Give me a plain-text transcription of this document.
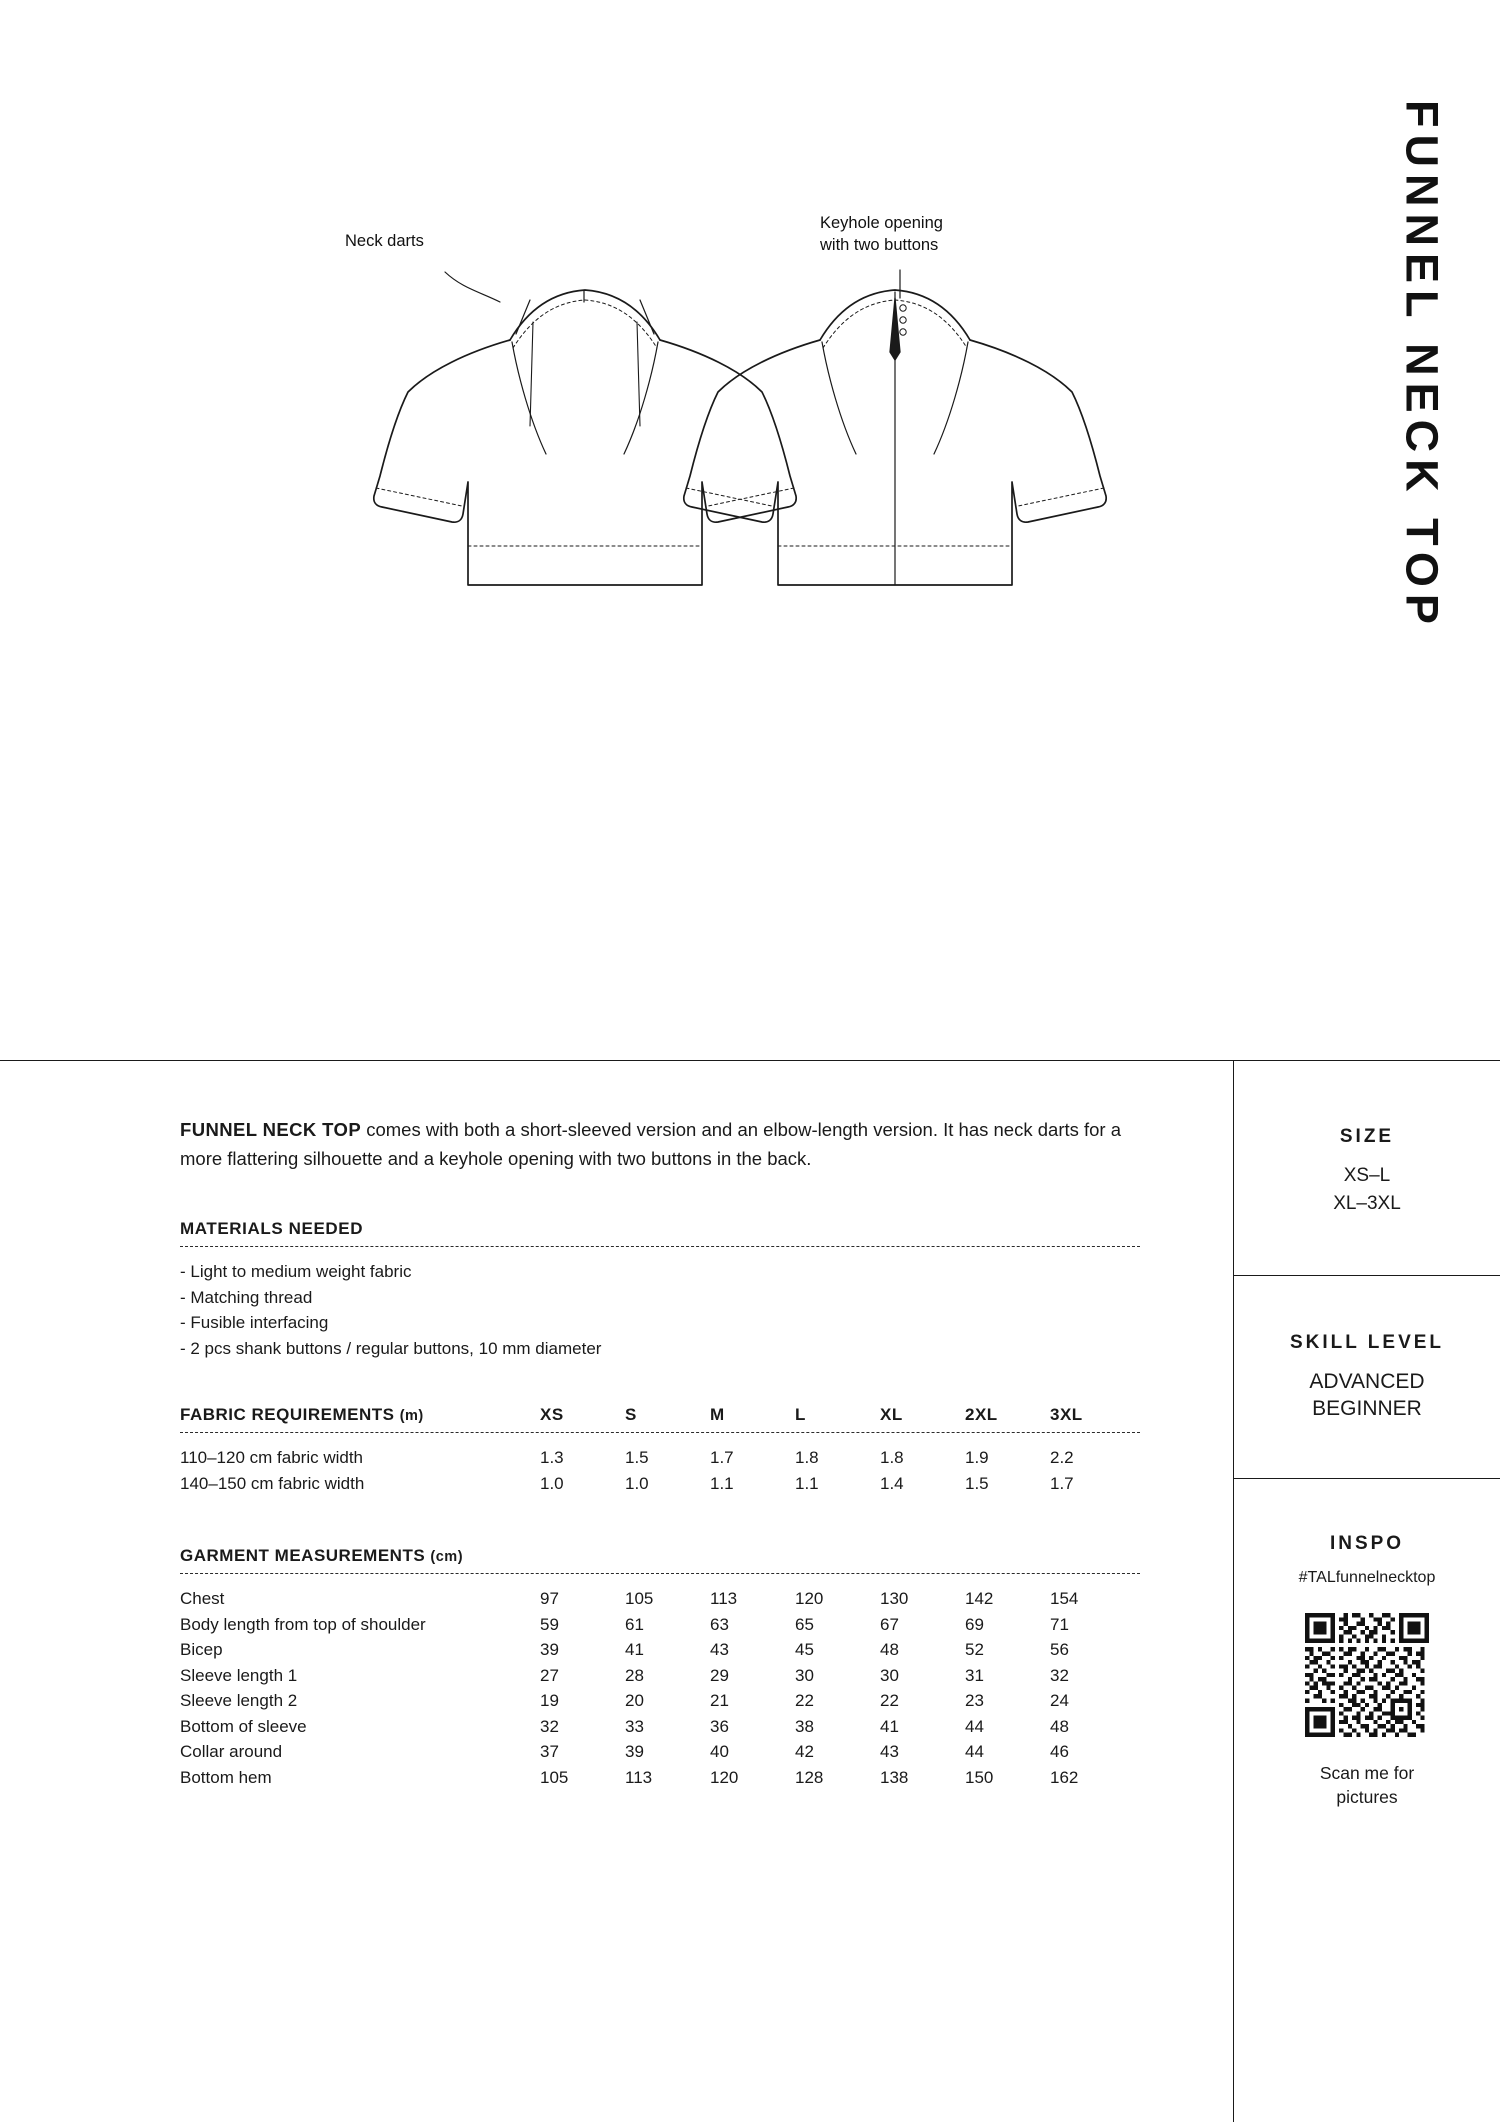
FUNNEL NECK TOP
Neck darts
Keyhole opening
with two buttons

FUNNEL NECK TOP comes with both a short-sleeved version and an elbow-length version. It has neck darts for a more flattering silhouette and a keyhole opening with two buttons in the back.

MATERIALS NEEDED
- Light to medium weight fabric
- Matching thread
- Fusible interfacing
- 2 pcs shank buttons / regular buttons, 10 mm diameter
FABRIC REQUIREMENTS (m)	XS	S	M	L	XL	2XL	3XL
110–120 cm fabric width	1.3	1.5	1.7	1.8	1.8	1.9	2.2
140–150 cm fabric width	1.0	1.0	1.1	1.1	1.4	1.5	1.7
GARMENT MEASUREMENTS (cm)
Chest	97	105	113	120	130	142	154
Body length from top of shoulder	59	61	63	65	67	69	71
Bicep	39	41	43	45	48	52	56
Sleeve length 1	27	28	29	30	30	31	32
Sleeve length 2	19	20	21	22	22	23	24
Bottom of sleeve	32	33	36	38	41	44	48
Collar around	37	39	40	42	43	44	46
Bottom hem	105	113	120	128	138	150	162
SIZE
XS–L
XL–3XL
SKILL LEVEL
ADVANCED
BEGINNER
INSPO
#TALfunnelnecktop
Scan me for
pictures
